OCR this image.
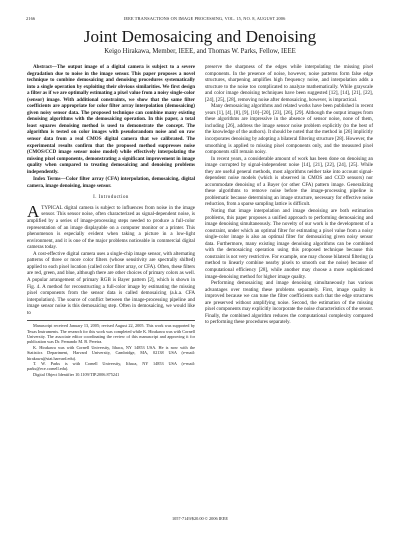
2166	IEEE TRANSACTIONS ON IMAGE PROCESSING, VOL. 15, NO. 8, AUGUST 2006
Joint Demosaicing and Denoising
Keigo Hirakawa, Member, IEEE, and Thomas W. Parks, Fellow, IEEE

Abstract—The output image of a digital camera is subject to a severe degradation due to noise in the image sensor. This paper proposes a novel technique to combine demosaicing and denoising procedures systematically into a single operation by exploiting their obvious similarities. We first design a filter as if we are optimally estimating a pixel value from a noisy single-color (sensor) image. With additional constraints, we show that the same filter coefficients are appropriate for color filter array interpolation (demosaicing) given noisy sensor data. The proposed technique can combine many existing denoising algorithms with the demosaicing operation. In this paper, a total least squares denoising method is used to demonstrate the concept. The algorithm is tested on color images with pseudorandom noise and on raw sensor data from a real CMOS digital camera that we calibrated. The experimental results confirm that the proposed method suppresses noise (CMOS/CCD image sensor noise model) while effectively interpolating the missing pixel components, demonstrating a significant improvement in image quality when compared to treating demosaicing and denoising problems independently.

Index Terms—Color filter array (CFA) interpolation, demosaicing, digital camera, image denoising, image sensor.

I. Introduction

ATYPICAL digital camera is subject to influences from noise in the image sensor. This sensor noise, often characterized as signal-dependent noise, is amplified by a series of image-processing steps needed to produce a full-color representation of an image displayable on a computer monitor or a printer. This phenomenon is especially evident when taking a picture in a low-light environment, and it is one of the major problems noticeable in commercial digital cameras today.

A cost-effective digital camera uses a single-chip image sensor, with alternating patterns of three or more color filters (whose sensitivity are spectrally shifted) applied to each pixel location (called color filter array, or CFA). Often, these filters are red, green, and blue, although there are other choices of primary colors as well. A popular arrangement of primary RGB is Bayer pattern [2], which is shown in Fig. 4. A method for reconstructing a full-color image by estimating the missing pixel components from the sensor data is called demosaicing (a.k.a. CFA interpolation). The source of conflict between the image-processing pipeline and image sensor noise is this demosaicing step. Often in demosaicing, we would like to

Manuscript received January 13, 2005; revised August 22, 2005. This work was supported by Texas Instruments. The research for this work was completed while K. Hirakawa was with Cornell University. The associate editor coordinating the review of this manuscript and approving it for publication was Dr. Fernando M. B. Pereira.

K. Hirakawa was with Cornell University, Ithaca, NY 14853 USA. He is now with the Statistics Department, Harvard University, Cambridge, MA, 02138 USA (e-mail: hirakawa@stat.harvard.edu).

T. W. Parks is with Cornell University, Ithaca, NY 14853 USA (e-mail: parks@ece.cornell.edu).

Digital Object Identifier 10.1109/TIP.2006.875241

preserve the sharpness of the edges while interpolating the missing pixel components. In the presence of noise, however, noise patterns form false edge structures, sharpening amplifies high frequency noise, and interpolation adds a structure to the noise too complicated to analyze mathematically. While grayscale and color image denoising techniques have been suggested [12], [14], [21], [22], [24], [25], [28], removing noise after demosaicing, however, is impractical.

Many demosaicing algorithms and related works have been published in recent years [1], [4], [8], [9], [10]–[20], [23], [26], [29]. Although the output images from these algorithms are impressive in the absence of sensor noise, none of them, including [26], address the image sensor noise problem explicitly (to the best of the knowledge of the authors). It should be noted that the method in [26] implicitly incorporates denoising by adopting a bilateral filtering structure [28]. However, the smoothing is applied to missing pixel components only, and the measured pixel components still remain noisy.

In recent years, a considerable amount of work has been done on denoising an image corrupted by signal-independent noise [14], [21], [22], [24], [25]. While they are useful general methods, most algorithms neither take into account signal-dependent noise models (which is observed in CMOS and CCD sensors) nor accommodate denoising of a Bayer (or other CFA) pattern image. Generalizing these algorithms to remove noise before the image-processing pipeline is problematic because determining an image structure, necessary for effective noise reduction, from a sparse sampling lattice is difficult.

Noting that image interpolation and image denoising are both estimation problems, this paper proposes a unified approach to performing demosaicing and image denoising simultaneously. The novelty of our work is the development of a constraint, under which an optimal filter for estimating a pixel value from a noisy single-color image is also an optimal filter for demosaicing given noisy sensor data. Furthermore, many existing image denoising algorithms can be combined with the demosaicing operation using this proposed technique because this constraint is not very restrictive. For example, one may choose bilateral filtering (a method to linearly combine nearby pixels to smooth out the noise) because of computational efficiency [28], while another may choose a more sophisticated image-denoising method for higher image quality.

Performing demosaicing and image denoising simultaneously has various advantages over treating these problems separately. First, image quality is improved because we can tune the filter coefficients such that the edge structures are preserved without amplifying noise. Second, the estimation of the missing pixel components may explicitly incorporate the noise characteristics of the sensor. Finally, the combined algorithm reduces the computational complexity compared to performing these procedures separately.

1057-7149/$20.00 © 2006 IEEE
